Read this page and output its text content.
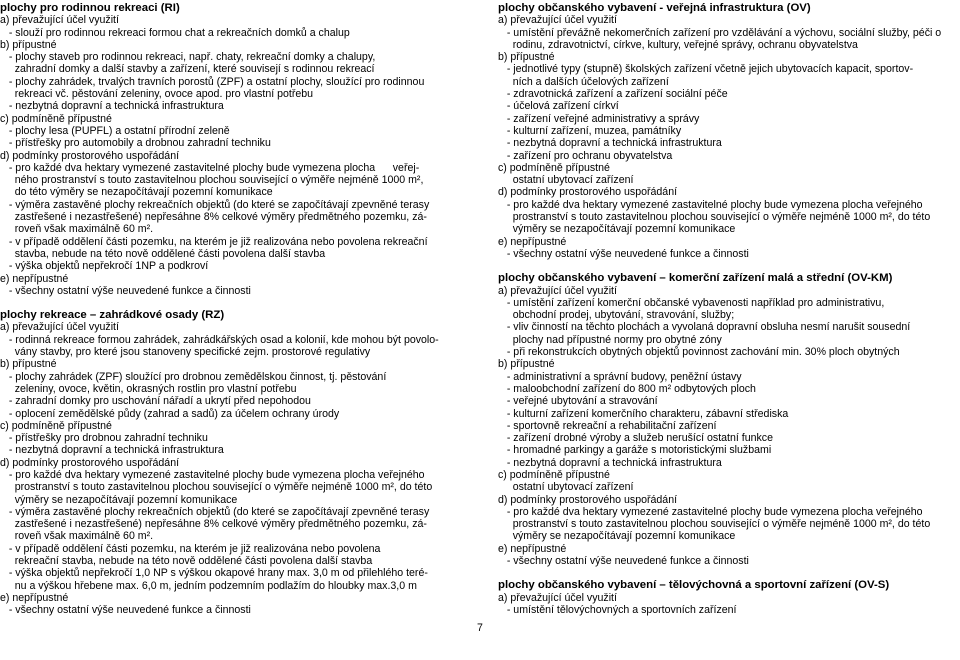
plochy pro rodinnou rekreaci (RI)
a) převažující účel využití
- slouží pro rodinnou rekreaci formou chat a rekreačních domků a chalup
b) přípustné
- plochy staveb pro rodinnou rekreaci, např. chaty, rekreační domky a chalupy,
zahradní domky a další stavby a zařízení, které souvisejí s rodinnou rekreací
- plochy zahrádek, trvalých travních porostů (ZPF) a ostatní plochy, sloužící pro rodinnou
rekreaci vč. pěstování zeleniny, ovoce apod. pro vlastní potřebu
- nezbytná dopravní a technická infrastruktura
c) podmíněně přípustné
- plochy lesa (PUPFL) a ostatní přírodní zeleně
- přístřešky pro automobily a drobnou zahradní techniku
d) podmínky prostorového uspořádání
- pro každé dva hektary vymezené zastavitelné plochy bude vymezena plocha      veřej-
ného prostranství s touto zastavitelnou plochou související o výměře nejméně 1000 m²,
do této výměry se nezapočítávají pozemní komunikace
- výměra zastavěné plochy rekreačních objektů (do které se započítávají zpevněné terasy
zastřešené i nezastřešené) nepřesáhne 8% celkové výměry předmětného pozemku, zá-
roveň však maximálně 60 m².
- v případě oddělení části pozemku, na kterém je již realizována nebo povolena rekreační
stavba, nebude na této nově oddělené části povolena další stavba
- výška objektů nepřekročí 1NP a podkroví
e) nepřípustné
- všechny ostatní výše neuvedené funkce a činnosti
plochy rekreace – zahrádkové osady (RZ)
a) převažující účel využití
- rodinná rekreace formou zahrádek, zahrádkářských osad a kolonií, kde mohou být povolo-
vány stavby, pro které jsou stanoveny specifické zejm. prostorové regulativy
b) přípustné
- plochy zahrádek (ZPF) sloužící pro drobnou zemědělskou činnost, tj. pěstování
zeleniny, ovoce, květin, okrasných rostlin pro vlastní potřebu
- zahradní domky pro uschování nářadí a ukrytí před nepohodou
- oplocení zemědělské půdy (zahrad a sadů) za účelem ochrany úrody
c) podmíněně přípustné
- přístřešky pro drobnou zahradní techniku
- nezbytná dopravní a technická infrastruktura
d) podmínky prostorového uspořádání
- pro každé dva hektary vymezené zastavitelné plochy bude vymezena plocha veřejného
prostranství s touto zastavitelnou plochou související o výměře nejméně 1000 m², do této
výměry se nezapočítávají pozemní komunikace
- výměra zastavěné plochy rekreačních objektů (do které se započítávají zpevněné terasy
zastřešené i nezastřešené) nepřesáhne 8% celkové výměry předmětného pozemku, zá-
roveň však maximálně 60 m².
- v případě oddělení části pozemku, na kterém je již realizována nebo povolena
rekreační stavba, nebude na této nově oddělené části povolena další stavba
- výška objektů nepřekročí 1,0 NP s výškou okapové hrany max. 3,0 m od přilehlého teré-
nu a výškou hřebene max. 6,0 m, jedním podzemním podlažím do hloubky max.3,0 m
e) nepřípustné
- všechny ostatní výše neuvedené funkce a činnosti
plochy občanského vybavení - veřejná infrastruktura (OV)
a) převažující účel využití
- umístění převážně nekomerčních zařízení pro vzdělávání a výchovu, sociální služby, péči o
rodinu, zdravotnictví, církve, kultury, veřejné správy, ochranu obyvatelstva
b) přípustné
- jednotlivé typy (stupně) školských zařízení včetně jejich ubytovacích kapacit, sportov-
ních a dalších účelových zařízení
- zdravotnická zařízení a zařízení sociální péče
- účelová zařízení církví
- zařízení veřejné administrativy a správy
- kulturní zařízení, muzea, památníky
- nezbytná dopravní a technická infrastruktura
- zařízení pro ochranu obyvatelstva
c) podmíněně přípustné
ostatní ubytovací zařízení
d) podmínky prostorového uspořádání
- pro každé dva hektary vymezené zastavitelné plochy bude vymezena plocha veřejného
prostranství s touto zastavitelnou plochou související o výměře nejméně 1000 m², do této
výměry se nezapočítávají pozemní komunikace
e) nepřípustné
- všechny ostatní výše neuvedené funkce a činnosti
plochy občanského vybavení – komerční zařízení malá a střední (OV-KM)
a) převažující účel využití
- umístění zařízení komerční občanské vybavenosti například pro administrativu,
obchodní prodej, ubytování, stravování, služby;
- vliv činností na těchto plochách a vyvolaná dopravní obsluha nesmí narušit sousední
plochy nad přípustné normy pro obytné zóny
- při rekonstrukcích obytných objektů povinnost zachování min. 30% ploch obytných
b) přípustné
- administrativní a správní budovy, peněžní ústavy
- maloobchodní zařízení do 800 m² odbytových ploch
- veřejné ubytování a stravování
- kulturní zařízení komerčního charakteru, zábavní střediska
- sportovně rekreační a rehabilitační zařízení
- zařízení drobné výroby a služeb nerušící ostatní funkce
- hromadné parkingy a garáže s motoristickými službami
- nezbytná dopravní a technická infrastruktura
c) podmíněně přípustné
ostatní ubytovací zařízení
d) podmínky prostorového uspořádání
- pro každé dva hektary vymezené zastavitelné plochy bude vymezena plocha veřejného
prostranství s touto zastavitelnou plochou související o výměře nejméně 1000 m², do této
výměry se nezapočítávají pozemní komunikace
e) nepřípustné
- všechny ostatní výše neuvedené funkce a činnosti
plochy občanského vybavení – tělovýchovná a sportovní zařízení (OV-S)
a) převažující účel využití
- umístění tělovýchovných a sportovních zařízení
7
